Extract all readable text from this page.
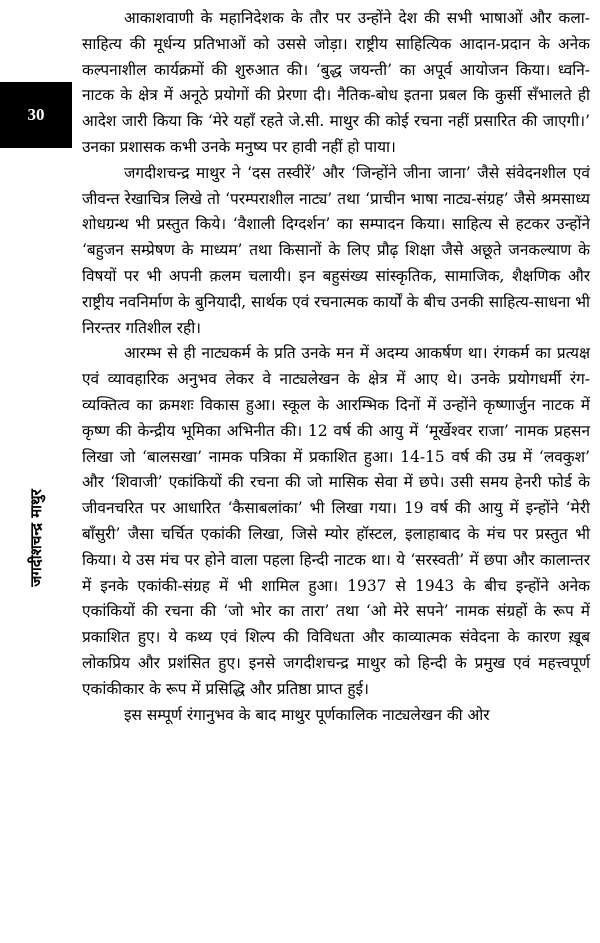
30
जगदीशचन्द्र माथुर

आकाशवाणी के महानिदेशक के तौर पर उन्होंने देश की सभी भाषाओं और कला-साहित्य की मूर्धन्य प्रतिभाओं को उससे जोड़ा। राष्ट्रीय साहित्यिक आदान-प्रदान के अनेक कल्पनाशील कार्यक्रमों की शुरुआत की। ‘बुद्ध जयन्ती’ का अपूर्व आयोजन किया। ध्वनि-नाटक के क्षेत्र में अनूठे प्रयोगों की प्रेरणा दी। नैतिक-बोध इतना प्रबल कि कुर्सी सँभालते ही आदेश जारी किया कि ‘मेरे यहाँ रहते जे.सी. माथुर की कोई रचना नहीं प्रसारित की जाएगी।’ उनका प्रशासक कभी उनके मनुष्य पर हावी नहीं हो पाया।

जगदीशचन्द्र माथुर ने ‘दस तस्वीरें’ और ‘जिन्होंने जीना जाना’ जैसे संवेदनशील एवं जीवन्त रेखाचित्र लिखे तो ‘परम्पराशील नाट्य’ तथा ‘प्राचीन भाषा नाट्य-संग्रह’ जैसे श्रमसाध्य शोधग्रन्थ भी प्रस्तुत किये। ‘वैशाली दिग्दर्शन’ का सम्पादन किया। साहित्य से हटकर उन्होंने ‘बहुजन सम्प्रेषण के माध्यम’ तथा किसानों के लिए प्रौढ़ शिक्षा जैसे अछूते जनकल्याण के विषयों पर भी अपनी क़लम चलायी। इन बहुसंख्य सांस्कृतिक, सामाजिक, शैक्षणिक और राष्ट्रीय नवनिर्माण के बुनियादी, सार्थक एवं रचनात्मक कार्यों के बीच उनकी साहित्य-साधना भी निरन्तर गतिशील रही।

आरम्भ से ही नाट्यकर्म के प्रति उनके मन में अदम्य आकर्षण था। रंगकर्म का प्रत्यक्ष एवं व्यावहारिक अनुभव लेकर वे नाट्यलेखन के क्षेत्र में आए थे। उनके प्रयोगधर्मी रंग-व्यक्तित्व का क्रमशः विकास हुआ। स्कूल के आरम्भिक दिनों में उन्होंने कृष्णार्जुन नाटक में कृष्ण की केन्द्रीय भूमिका अभिनीत की। 12 वर्ष की आयु में ‘मूर्खेश्वर राजा’ नामक प्रहसन लिखा जो ‘बालसखा’ नामक पत्रिका में प्रकाशित हुआ। 14-15 वर्ष की उम्र में ‘लवकुश’ और ‘शिवाजी’ एकांकियों की रचना की जो मासिक सेवा में छपे। उसी समय हेनरी फोर्ड के जीवनचरित पर आधारित ‘कैसाबलांका’ भी लिखा गया। 19 वर्ष की आयु में इन्होंने ‘मेरी बाँसुरी’ जैसा चर्चित एकांकी लिखा, जिसे म्योर हॉस्टल, इलाहाबाद के मंच पर प्रस्तुत भी किया। ये उस मंच पर होने वाला पहला हिन्दी नाटक था। ये ‘सरस्वती’ में छपा और कालान्तर में इनके एकांकी-संग्रह में भी शामिल हुआ। 1937 से 1943 के बीच इन्होंने अनेक एकांकियों की रचना की ‘जो भोर का तारा’ तथा ‘ओ मेरे सपने’ नामक संग्रहों के रूप में प्रकाशित हुए। ये कथ्य एवं शिल्प की विविधता और काव्यात्मक संवेदना के कारण ख़ूब लोकप्रिय और प्रशंसित हुए। इनसे जगदीशचन्द्र माथुर को हिन्दी के प्रमुख एवं महत्त्वपूर्ण एकांकीकार के रूप में प्रसिद्धि और प्रतिष्ठा प्राप्त हुई।

इस सम्पूर्ण रंगानुभव के बाद माथुर पूर्णकालिक नाट्यलेखन की ओर
